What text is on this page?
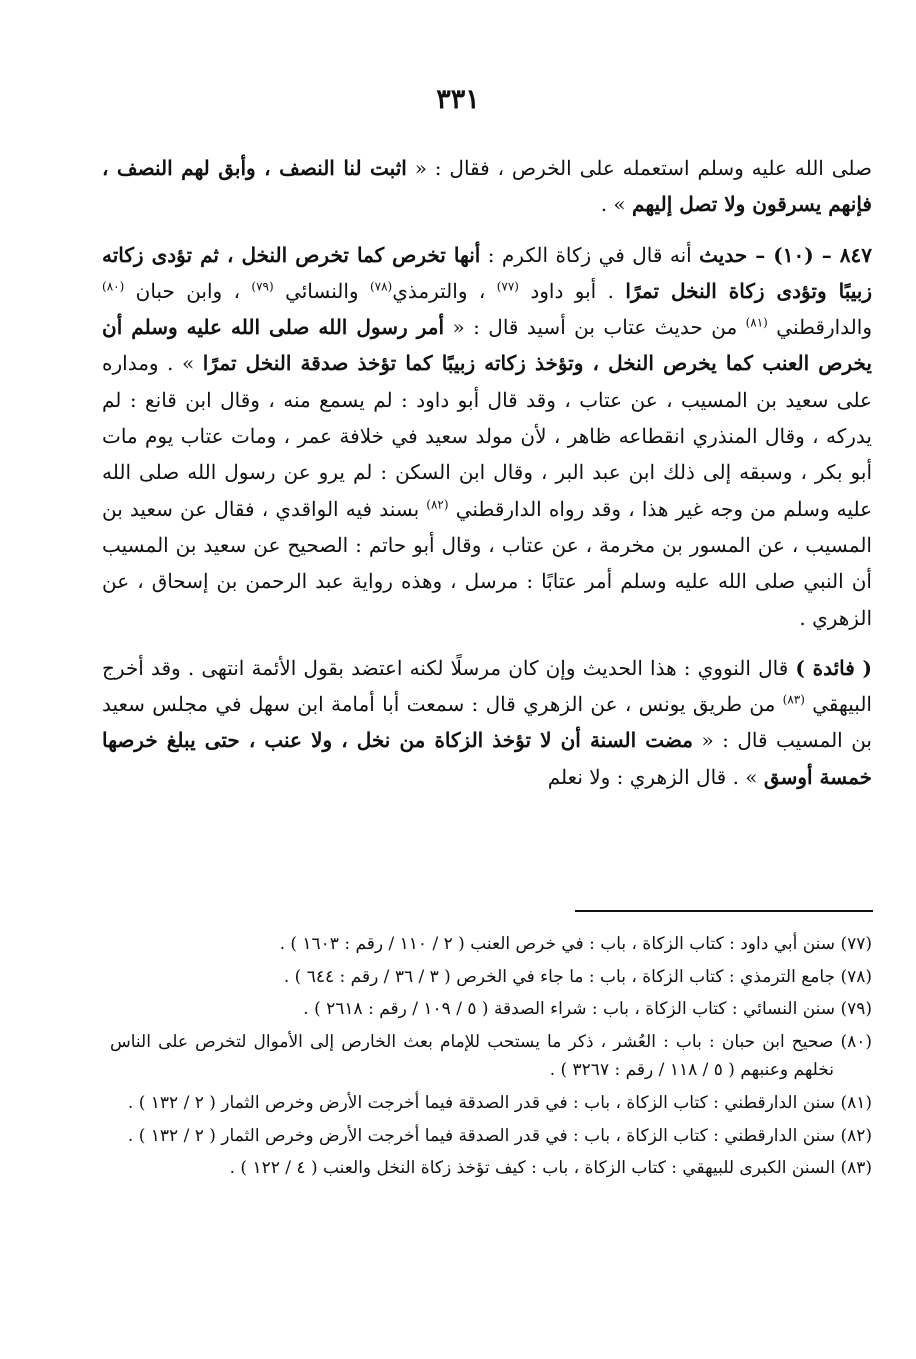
٣٣١

صلى الله عليه وسلم استعمله على الخرص ، فقال : « اثبت لنا النصف ، وأبق لهم النصف ، فإنهم يسرقون ولا تصل إليهم » .

٨٤٧ – (١٠) – حديث أنه قال في زكاة الكرم : أنها تخرص كما تخرص النخل ، ثم تؤدى زكاته زبيبًا وتؤدى زكاة النخل تمرًا . أبو داود $^{(٧٧)}$ ، والترمذي$^{(٧٨)}$ والنسائي $^{(٧٩)}$ ، وابن حبان $^{(٨٠)}$ والدارقطني $^{(٨١)}$ من حديث عتاب بن أسيد قال : « أمر رسول الله صلى الله عليه وسلم أن يخرص العنب كما يخرص النخل ، وتؤخذ زكاته زبيبًا كما تؤخذ صدقة النخل تمرًا » . ومداره على سعيد بن المسيب ، عن عتاب ، وقد قال أبو داود : لم يسمع منه ، وقال ابن قانع : لم يدركه ، وقال المنذري انقطاعه ظاهر ، لأن مولد سعيد في خلافة عمر ، ومات عتاب يوم مات أبو بكر ، وسبقه إلى ذلك ابن عبد البر ، وقال ابن السكن : لم يرو عن رسول الله صلى الله عليه وسلم من وجه غير هذا ، وقد رواه الدارقطني $^{(٨٢)}$ بسند فيه الواقدي ، فقال عن سعيد بن المسيب ، عن المسور بن مخرمة ، عن عتاب ، وقال أبو حاتم : الصحيح عن سعيد بن المسيب أن النبي صلى الله عليه وسلم أمر عتابًا : مرسل ، وهذه رواية عبد الرحمن بن إسحاق ، عن الزهري .

( فائدة ) قال النووي : هذا الحديث وإن كان مرسلًا لكنه اعتضد بقول الأئمة انتهى . وقد أخرج البيهقي $^{(٨٣)}$ من طريق يونس ، عن الزهري قال : سمعت أبا أمامة ابن سهل في مجلس سعيد بن المسيب قال : « مضت السنة أن لا تؤخذ الزكاة من نخل ، ولا عنب ، حتى يبلغ خرصها خمسة أوسق » . قال الزهري : ولا نعلم

(٧٧) سنن أبي داود : كتاب الزكاة ، باب : في خرص العنب ( ٢ / ١١٠ / رقم : ١٦٠٣ ) .

(٧٨) جامع الترمذي : كتاب الزكاة ، باب : ما جاء في الخرص ( ٣ / ٣٦ / رقم : ٦٤٤ ) .

(٧٩) سنن النسائي : كتاب الزكاة ، باب : شراء الصدقة ( ٥ / ١٠٩ / رقم : ٢٦١٨ ) .

(٨٠) صحيح ابن حبان : باب : العُشر ، ذكر ما يستحب للإمام بعث الخارص إلى الأموال لتخرص على الناس نخلهم وعنبهم ( ٥ / ١١٨ / رقم : ٣٢٦٧ ) .

(٨١) سنن الدارقطني : كتاب الزكاة ، باب : في قدر الصدقة فيما أخرجت الأرض وخرص الثمار ( ٢ / ١٣٢ ) .

(٨٢) سنن الدارقطني : كتاب الزكاة ، باب : في قدر الصدقة فيما أخرجت الأرض وخرص الثمار ( ٢ / ١٣٢ ) .

(٨٣) السنن الكبرى للبيهقي : كتاب الزكاة ، باب : كيف تؤخذ زكاة النخل والعنب ( ٤ / ١٢٢ ) .
